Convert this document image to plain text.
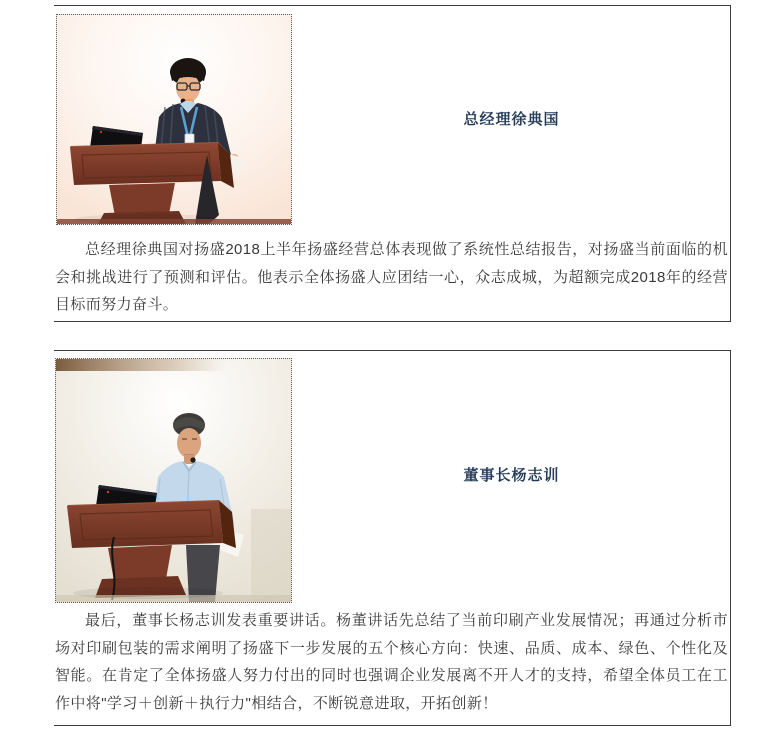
总经理徐典国

总经理徐典国对扬盛2018上半年扬盛经营总体表现做了系统性总结报告，对扬盛当前面临的机会和挑战进行了预测和评估。他表示全体扬盛人应团结一心，众志成城，为超额完成2018年的经营目标而努力奋斗。

董事长杨志训

最后，董事长杨志训发表重要讲话。杨董讲话先总结了当前印刷产业发展情况；再通过分析市场对印刷包装的需求阐明了扬盛下一步发展的五个核心方向：快速、品质、成本、绿色、个性化及智能。在肯定了全体扬盛人努力付出的同时也强调企业发展离不开人才的支持，希望全体员工在工作中将"学习＋创新＋执行力"相结合，不断锐意进取，开拓创新！
